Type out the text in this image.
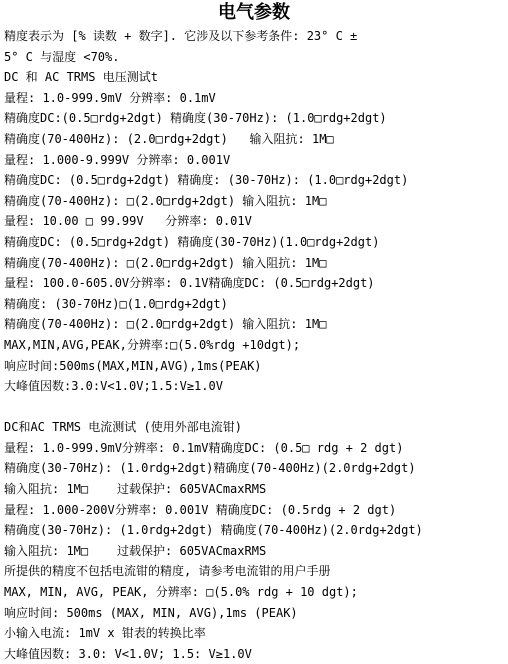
电气参数
精度表示为 [% 读数 + 数字]. 它涉及以下参考条件: 23° C ±
5° C 与湿度 <70%.
DC 和 AC TRMS 电压测试t
量程: 1.0-999.9mV 分辨率: 0.1mV
精确度DC:(0.5□rdg+2dgt) 精确度(30-70Hz): (1.0□rdg+2dgt)
精确度(70-400Hz): (2.0□rdg+2dgt)   输入阻抗: 1M□
量程: 1.000-9.999V 分辨率: 0.001V
精确度DC: (0.5□rdg+2dgt) 精确度: (30-70Hz): (1.0□rdg+2dgt)
精确度(70-400Hz): □(2.0□rdg+2dgt) 输入阻抗: 1M□
量程: 10.00 □ 99.99V   分辨率: 0.01V
精确度DC: (0.5□rdg+2dgt) 精确度(30-70Hz)(1.0□rdg+2dgt)
精确度(70-400Hz): □(2.0□rdg+2dgt) 输入阻抗: 1M□
量程: 100.0-605.0V分辨率: 0.1V精确度DC: (0.5□rdg+2dgt)
精确度: (30-70Hz)□(1.0□rdg+2dgt)
精确度(70-400Hz): □(2.0□rdg+2dgt) 输入阻抗: 1M□
MAX,MIN,AVG,PEAK,分辨率:□(5.0%rdg +10dgt);
响应时间:500ms(MAX,MIN,AVG),1ms(PEAK)
大峰值因数:3.0:V<1.0V;1.5:V≥1.0V
DC和AC TRMS 电流测试 (使用外部电流钳)
量程: 1.0-999.9mV分辨率: 0.1mV精确度DC: (0.5□ rdg + 2 dgt)
精确度(30-70Hz): (1.0rdg+2dgt)精确度(70-400Hz)(2.0rdg+2dgt)
输入阻抗: 1M□    过载保护: 605VACmaxRMS
量程: 1.000-200V分辨率: 0.001V 精确度DC: (0.5rdg + 2 dgt)
精确度(30-70Hz): (1.0rdg+2dgt) 精确度(70-400Hz)(2.0rdg+2dgt)
输入阻抗: 1M□    过载保护: 605VACmaxRMS
所提供的精度不包括电流钳的精度, 请参考电流钳的用户手册
MAX, MIN, AVG, PEAK, 分辨率: □(5.0% rdg + 10 dgt);
响应时间: 500ms (MAX, MIN, AVG),1ms (PEAK)
小输入电流: 1mV x 钳表的转换比率
大峰值因数: 3.0: V<1.0V; 1.5: V≥1.0V
